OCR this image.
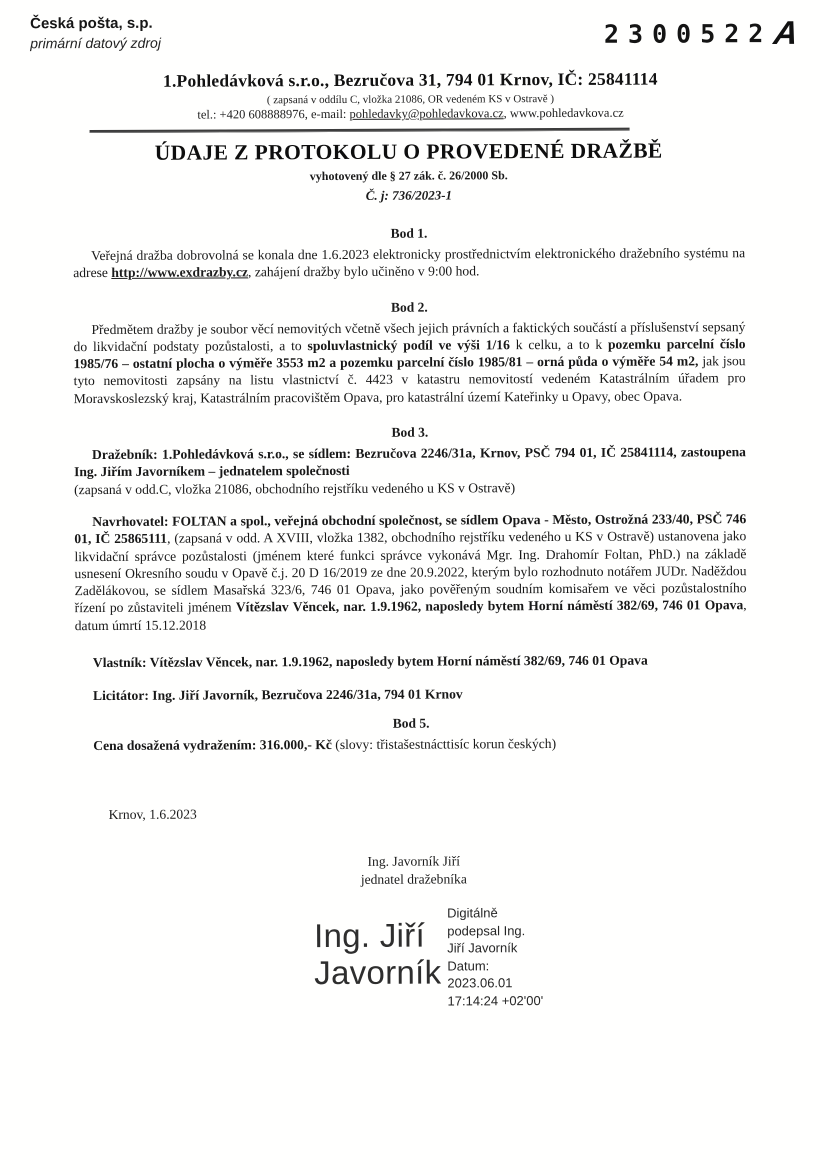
Česká pošta, s.p.
primární datový zdroj	2300522 A
1.Pohledávková s.r.o., Bezručova 31, 794 01 Krnov, IČ: 25841114
( zapsaná v oddílu C, vložka 21086, OR vedeném KS v Ostravě )
tel.: +420 608888976, e-mail: pohledavky@pohledavkova.cz, www.pohledavkova.cz
ÚDAJE Z PROTOKOLU O PROVEDENÉ DRAŽBĚ
vyhotovený dle § 27 zák. č. 26/2000 Sb.
Č. j: 736/2023-1
Bod 1.

Veřejná dražba dobrovolná se konala dne 1.6.2023 elektronicky prostřednictvím elektronického dražebního systému na adrese http://www.exdrazby.cz, zahájení dražby bylo učiněno v 9:00 hod.

Bod 2.

Předmětem dražby je soubor věcí nemovitých včetně všech jejich právních a faktických součástí a příslušenství sepsaný do likvidační podstaty pozůstalosti, a to spoluvlastnický podíl ve výši 1/16 k celku, a to k pozemku parcelní číslo 1985/76 – ostatní plocha o výměře 3553 m2 a pozemku parcelní číslo 1985/81 – orná půda o výměře 54 m2, jak jsou tyto nemovitosti zapsány na listu vlastnictví č. 4423 v katastru nemovitostí vedeném Katastrálním úřadem pro Moravskoslezský kraj, Katastrálním pracovištěm Opava, pro katastrální území Kateřinky u Opavy, obec Opava.

Bod 3.

Dražebník: 1.Pohledávková s.r.o., se sídlem: Bezručova 2246/31a, Krnov, PSČ 794 01, IČ 25841114, zastoupena Ing. Jiřím Javorníkem – jednatelem společnosti

(zapsaná v odd.C, vložka 21086, obchodního rejstříku vedeného u KS v Ostravě)

Navrhovatel: FOLTAN a spol., veřejná obchodní společnost, se sídlem Opava - Město, Ostrožná 233/40, PSČ 746 01, IČ 25865111, (zapsaná v odd. A XVIII, vložka 1382, obchodního rejstříku vedeného u KS v Ostravě) ustanovena jako likvidační správce pozůstalosti (jménem které funkci správce vykonává Mgr. Ing. Drahomír Foltan, PhD.) na základě usnesení Okresního soudu v Opavě č.j. 20 D 16/2019 ze dne 20.9.2022, kterým bylo rozhodnuto notářem JUDr. Naděždou Zadělákovou, se sídlem Masařská 323/6, 746 01 Opava, jako pověřeným soudním komisařem ve věci pozůstalostního řízení po zůstaviteli jménem Vítězslav Věncek, nar. 1.9.1962, naposledy bytem Horní náměstí 382/69, 746 01 Opava, datum úmrtí 15.12.2018

Vlastník: Vítězslav Věncek, nar. 1.9.1962, naposledy bytem Horní náměstí 382/69, 746 01 Opava

Licitátor: Ing. Jiří Javorník, Bezručova 2246/31a, 794 01 Krnov

Bod 5.

Cena dosažená vydražením: 316.000,- Kč (slovy: třistašestnácttisíc korun českých)

Krnov, 1.6.2023
Ing. Javorník Jiří
jednatel dražebníka
Ing. Jiří
Javorník
Digitálně
podepsal Ing.
Jiří Javorník
Datum:
2023.06.01
17:14:24 +02'00'
